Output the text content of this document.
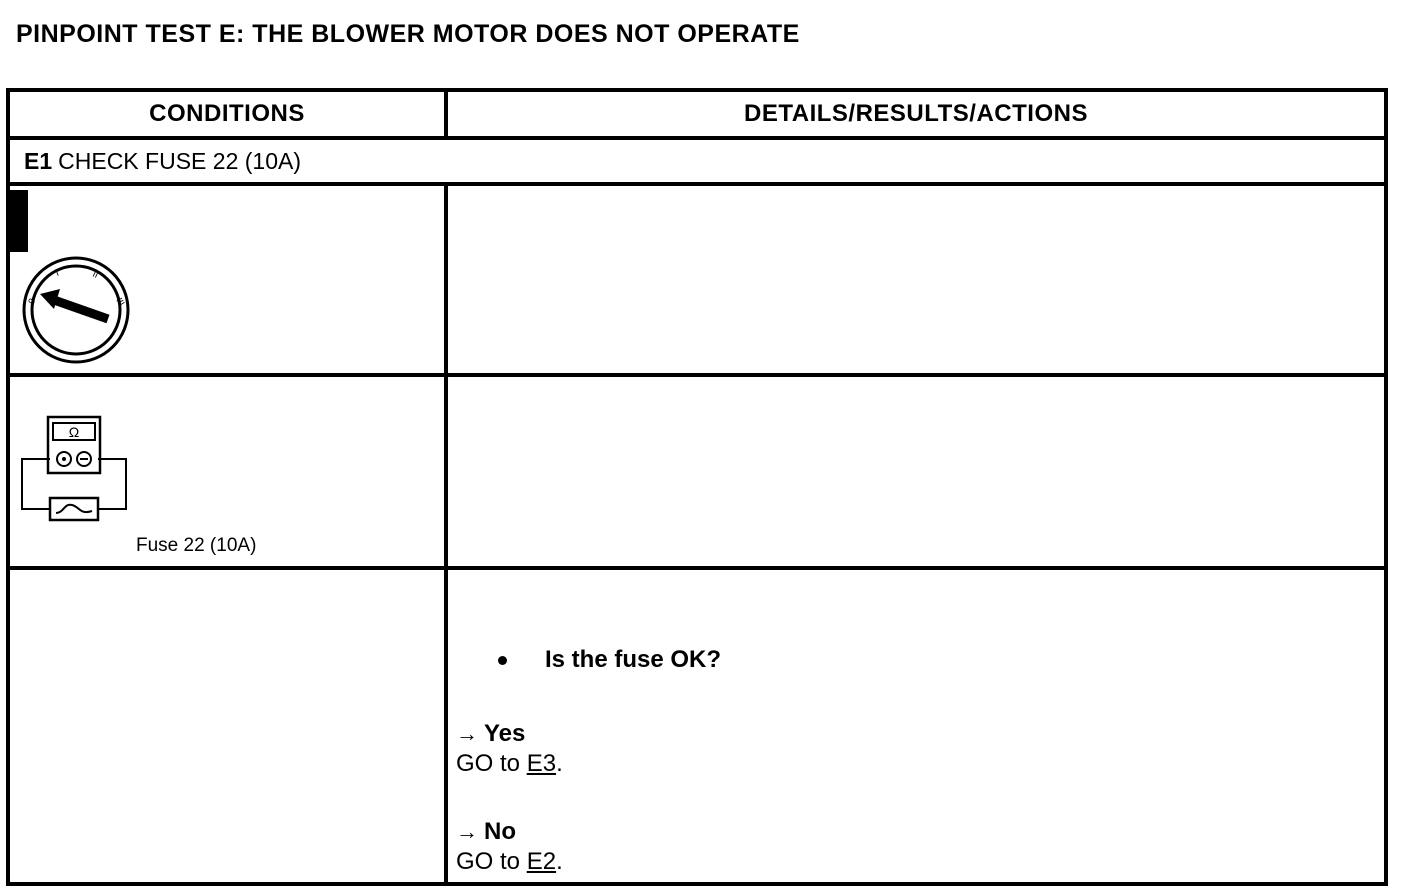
PINPOINT TEST E: THE BLOWER MOTOR DOES NOT OPERATE
CONDITIONS	DETAILS/RESULTS/ACTIONS
E1 CHECK FUSE 22 (10A)
0
I	II
III
Ω
Fuse 22 (10A)
Is the fuse OK?
→ Yes
GO to E3.
→ No
GO to E2.
